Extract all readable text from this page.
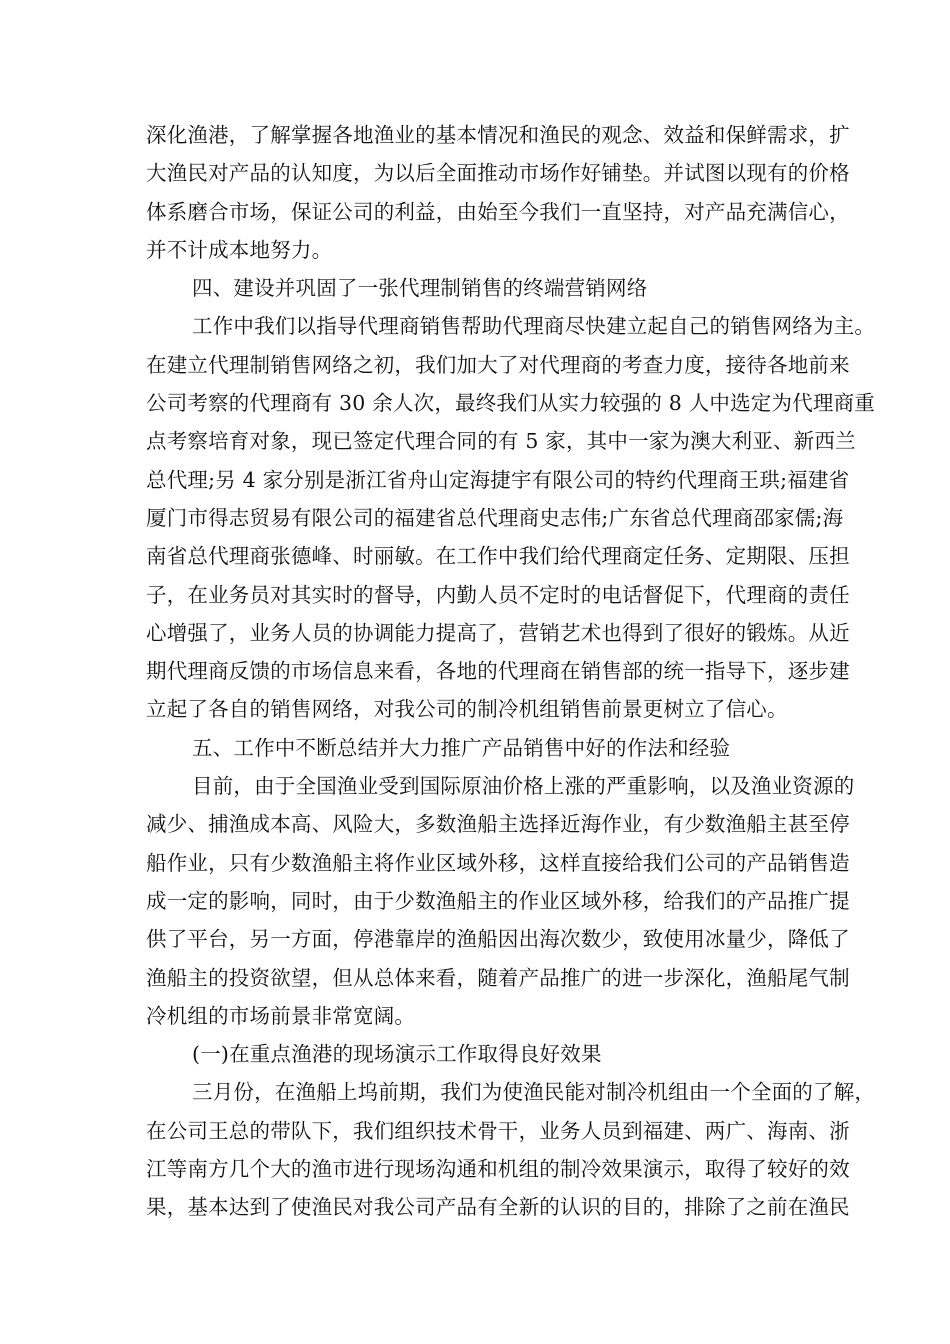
深化渔港，了解掌握各地渔业的基本情况和渔民的观念、效益和保鲜需求，扩
大渔民对产品的认知度，为以后全面推动市场作好铺垫。并试图以现有的价格
体系磨合市场，保证公司的利益，由始至今我们一直坚持，对产品充满信心，
并不计成本地努力。
四、建设并巩固了一张代理制销售的终端营销网络
工作中我们以指导代理商销售帮助代理商尽快建立起自己的销售网络为主。
在建立代理制销售网络之初，我们加大了对代理商的考查力度，接待各地前来
公司考察的代理商有 30 余人次，最终我们从实力较强的 8 人中选定为代理商重
点考察培育对象，现已签定代理合同的有 5 家，其中一家为澳大利亚、新西兰
总代理;另 4 家分别是浙江省舟山定海捷宇有限公司的特约代理商王珙;福建省
厦门市得志贸易有限公司的福建省总代理商史志伟;广东省总代理商邵家儒;海
南省总代理商张德峰、时丽敏。在工作中我们给代理商定任务、定期限、压担
子，在业务员对其实时的督导，内勤人员不定时的电话督促下，代理商的责任
心增强了，业务人员的协调能力提高了，营销艺术也得到了很好的锻炼。从近
期代理商反馈的市场信息来看，各地的代理商在销售部的统一指导下，逐步建
立起了各自的销售网络，对我公司的制冷机组销售前景更树立了信心。
五、工作中不断总结并大力推广产品销售中好的作法和经验
目前，由于全国渔业受到国际原油价格上涨的严重影响，以及渔业资源的
减少、捕渔成本高、风险大，多数渔船主选择近海作业，有少数渔船主甚至停
船作业，只有少数渔船主将作业区域外移，这样直接给我们公司的产品销售造
成一定的影响，同时，由于少数渔船主的作业区域外移，给我们的产品推广提
供了平台，另一方面，停港靠岸的渔船因出海次数少，致使用冰量少，降低了
渔船主的投资欲望，但从总体来看，随着产品推广的进一步深化，渔船尾气制
冷机组的市场前景非常宽阔。
(一)在重点渔港的现场演示工作取得良好效果
三月份，在渔船上坞前期，我们为使渔民能对制冷机组由一个全面的了解，
在公司王总的带队下，我们组织技术骨干，业务人员到福建、两广、海南、浙
江等南方几个大的渔市进行现场沟通和机组的制冷效果演示，取得了较好的效
果，基本达到了使渔民对我公司产品有全新的认识的目的，排除了之前在渔民
